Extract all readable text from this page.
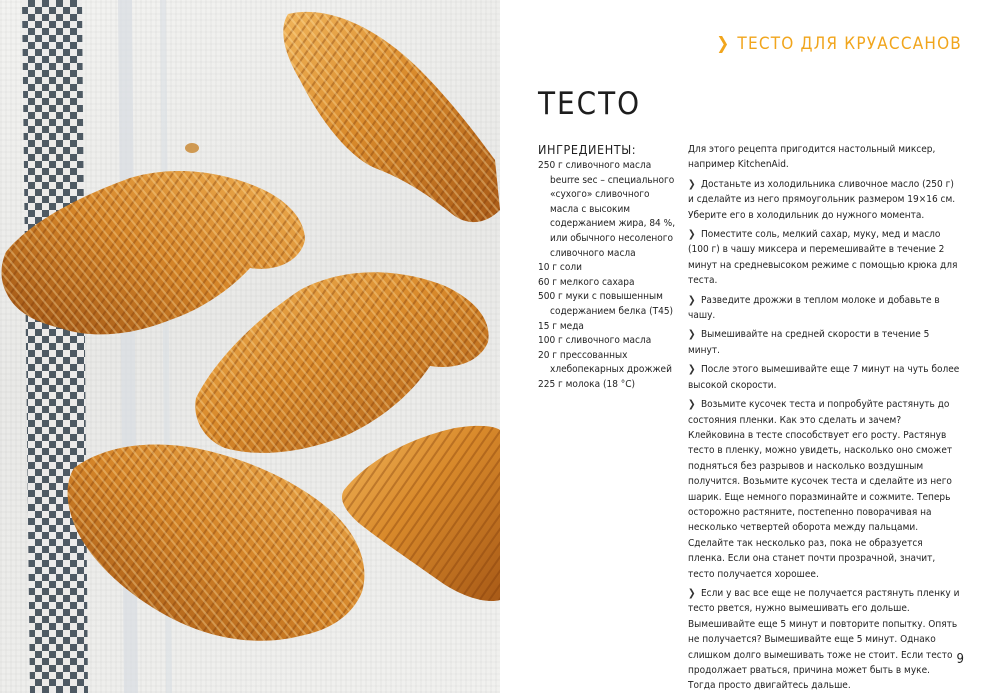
❯ ТЕСТО ДЛЯ КРУАССАНОВ
ТЕСТО
ИНГРЕДИЕНТЫ:
250 г сливочного масла beurre sec – специального «сухого» сливочного масла с высоким содержанием жира, 84 %, или обычного несоленого сливочного масла
10 г соли
60 г мелкого сахара
500 г муки с повышенным содержанием белка (Т45)
15 г меда
100 г сливочного масла
20 г прессованных хлебопекарных дрожжей
225 г молока (18 °С)

Для этого рецепта пригодится настольный миксер, например KitchenAid.

❯ Достаньте из холодильника сливочное масло (250 г) и сделайте из него прямоугольник размером 19×16 см. Уберите его в холодильник до нужного момента.

❯ Поместите соль, мелкий сахар, муку, мед и масло (100 г) в чашу миксера и перемешивайте в течение 2 минут на средневысоком режиме с помощью крюка для теста.

❯ Разведите дрожжи в теплом молоке и добавьте в чашу.

❯ Вымешивайте на средней скорости в течение 5 минут.

❯ После этого вымешивайте еще 7 минут на чуть более высокой скорости.

❯ Возьмите кусочек теста и попробуйте растянуть до состояния пленки. Как это сделать и зачем? Клейковина в тесте способствует его росту. Растянув тесто в пленку, можно увидеть, насколько оно сможет подняться без разрывов и насколько воздушным получится. Возьмите кусочек теста и сделайте из него шарик. Еще немного поразминайте и сожмите. Теперь осторожно растяните, постепенно поворачивая на несколько четвертей оборота между пальцами. Сделайте так несколько раз, пока не образуется пленка. Если она станет почти прозрачной, значит, тесто получается хорошее.

❯ Если у вас все еще не получается растянуть пленку и тесто рвется, нужно вымешивать его дольше. Вымешивайте еще 5 минут и повторите попытку. Опять не получается? Вымешивайте еще 5 минут. Однако слишком долго вымешивать тоже не стоит. Если тесто продолжает рваться, причина может быть в муке. Тогда просто двигайтесь дальше.

9
